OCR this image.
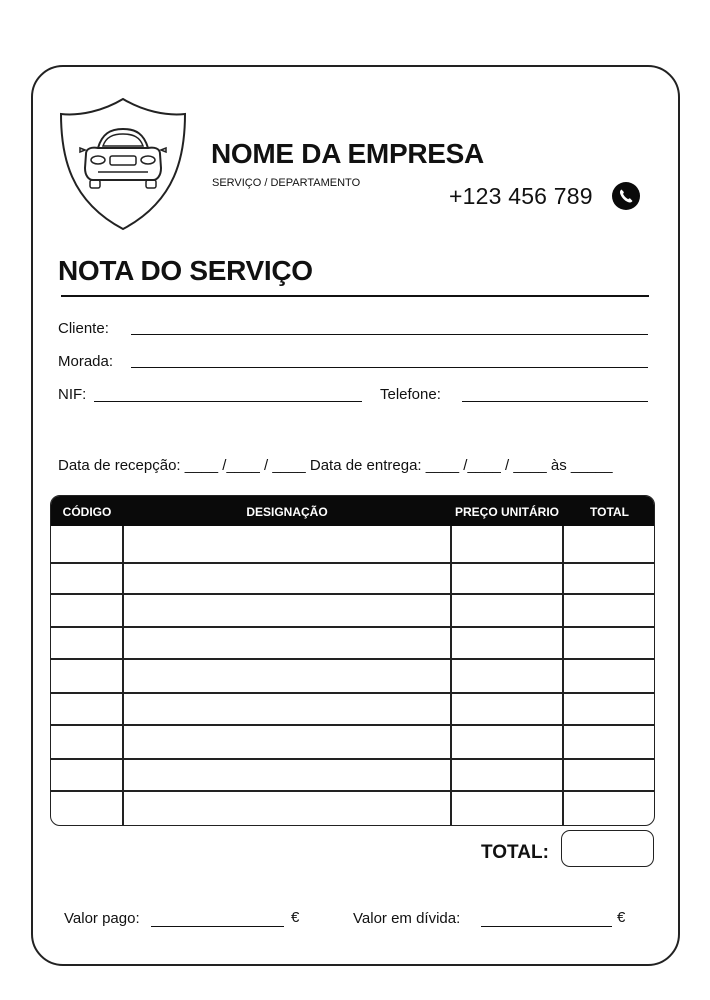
NOME DA EMPRESA
SERVIÇO / DEPARTAMENTO	+123 456 789
NOTA DO SERVIÇO
Cliente:
Morada:
NIF:	Telefone:
Data de recepção: ____ /____ / ____ Data de entrega: ____ /____ / ____ às _____
CÓDIGO	DESIGNAÇÃO	PREÇO UNITÁRIO	TOTAL
TOTAL:
Valor pago:	€	Valor em dívida:	€
